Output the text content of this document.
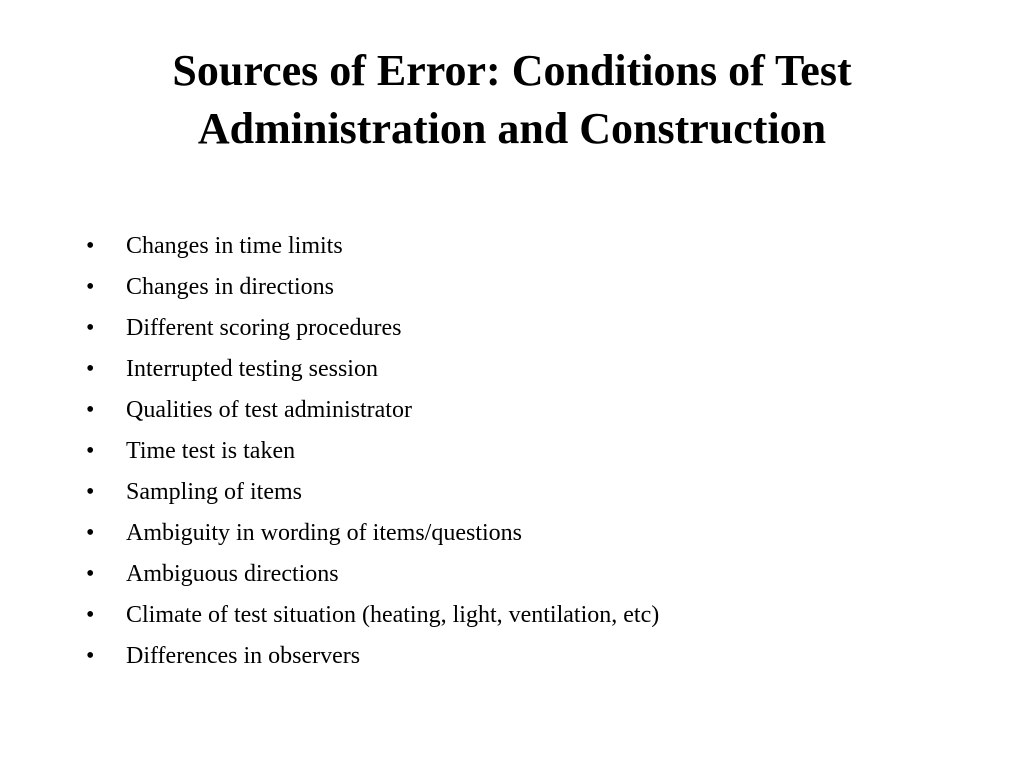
Sources of Error: Conditions of Test
Administration and Construction
•	Changes in time limits
•	Changes in directions
•	Different scoring procedures
•	Interrupted testing session
•	Qualities of test administrator
•	Time test is taken
•	Sampling of items
•	Ambiguity in wording of items/questions
•	Ambiguous directions
•	Climate of test situation (heating, light, ventilation, etc)
•	Differences in observers
